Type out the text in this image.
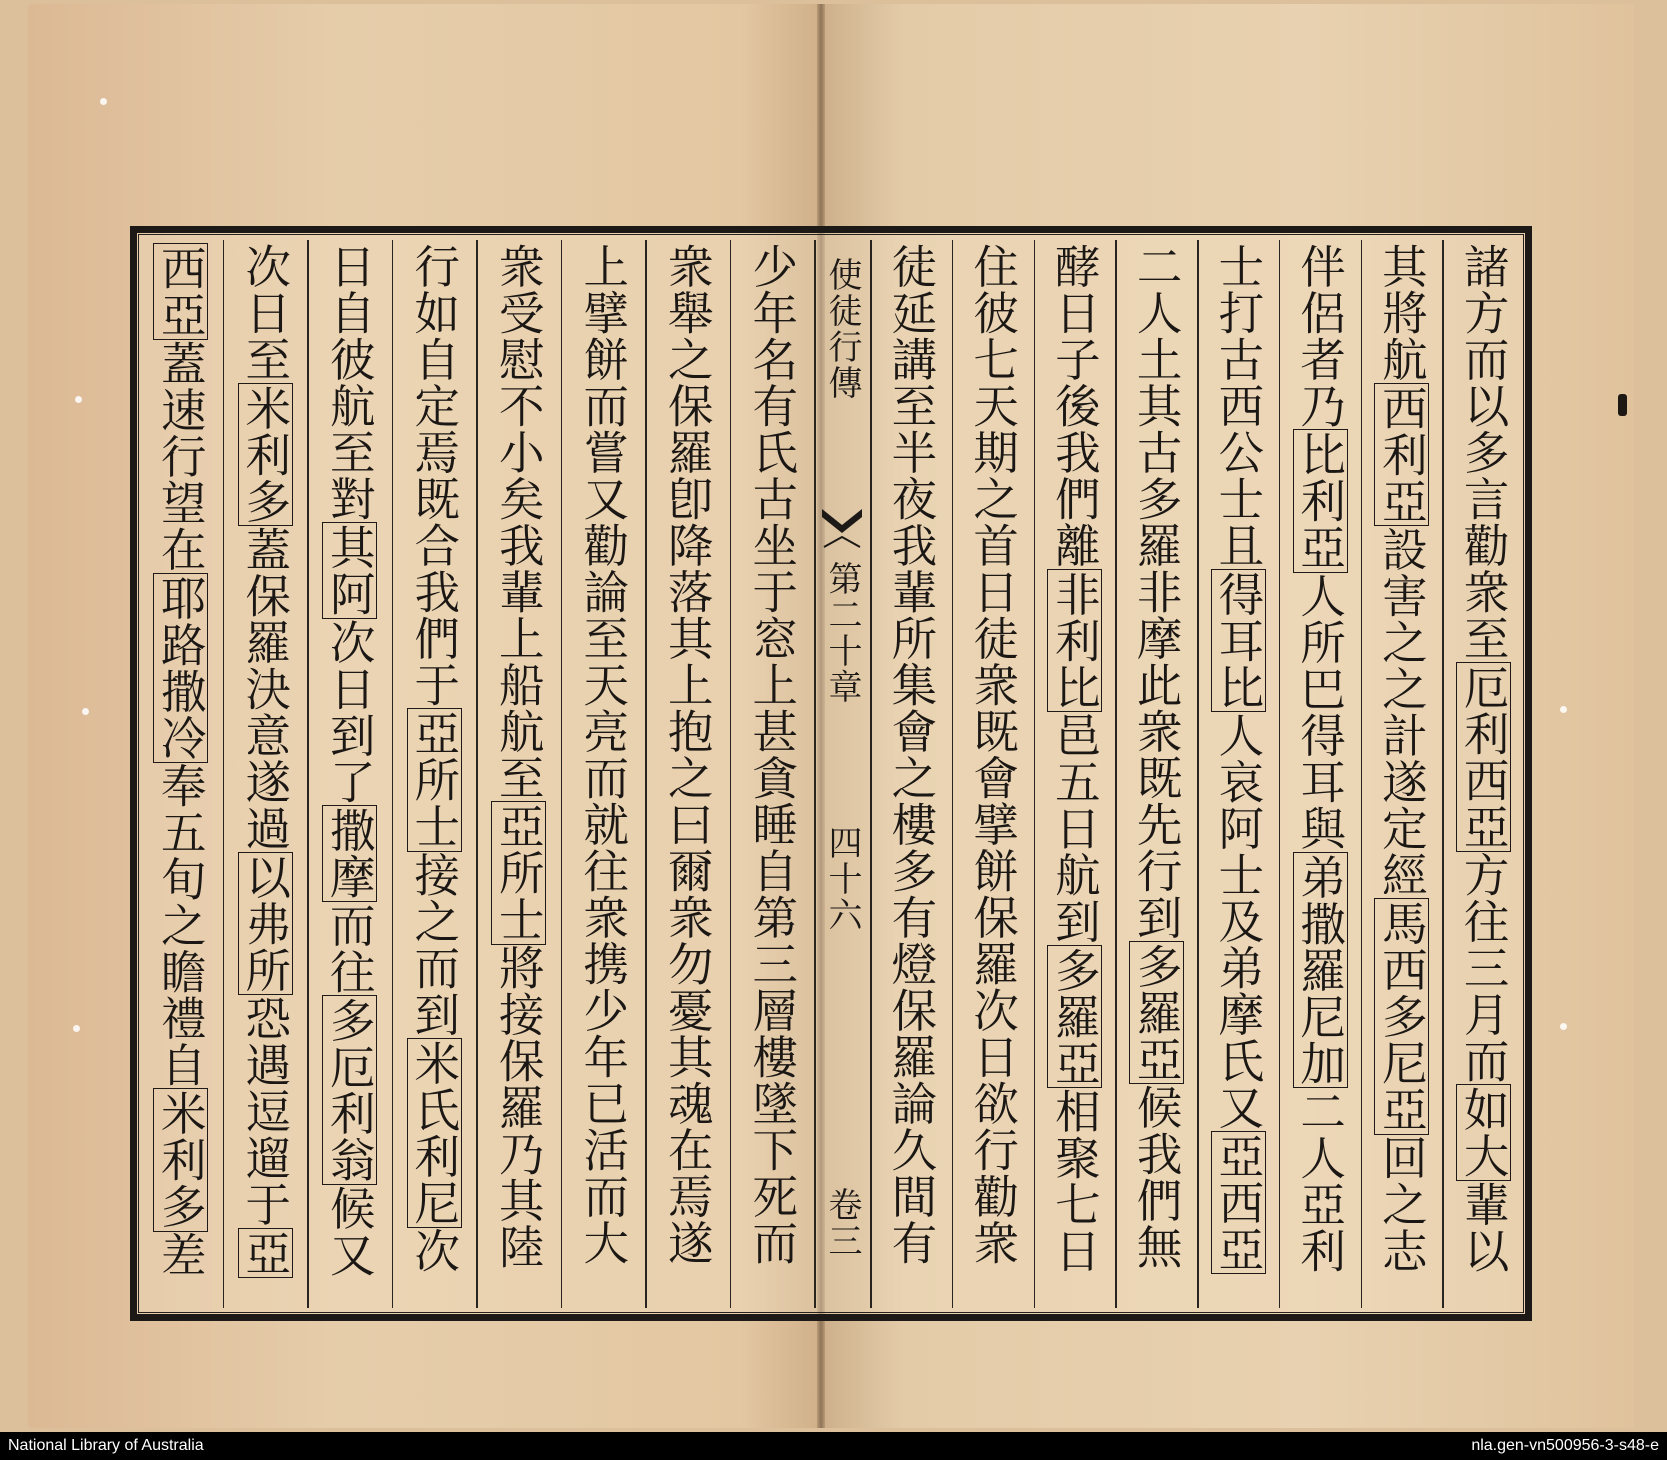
諸方而以多言勸衆至厄利西亞方往三月而如大輩以
其將航西利亞設害之之計遂定經馬西多尼亞回之志
伴侶者乃比利亞人所巴得耳與弟撒羅尼加二人亞利
士打古西公士且得耳比人哀阿士及弟摩氏又亞西亞
二人土其古多羅非摩此衆既先行到多羅亞候我們無
酵日子後我們離非利比邑五日航到多羅亞相聚七日
住彼七天期之首日徒衆既會擘餅保羅次日欲行勸衆
徒延講至半夜我輩所集會之樓多有燈保羅論久間有
少年名有氏古坐于窓上甚貪睡自第三層樓墜下死而
衆舉之保羅卽降落其上抱之曰爾衆勿憂其魂在焉遂
上擘餅而嘗又勸論至天亮而就往衆携少年已活而大
衆受慰不小矣我輩上船航至亞所士將接保羅乃其陸
行如自定焉既合我們于亞所士接之而到米氏利尼次
日自彼航至對其阿次日到了撒摩而往多厄利翁候又
次日至米利多蓋保羅決意遂過以弗所恐遇逗遛于亞
西亞蓋速行望在耶路撒冷奉五旬之瞻禮自米利多差
使徒行傳
第二十章
四十六
卷三
National Library of Australia	nla.gen-vn500956-3-s48-e
